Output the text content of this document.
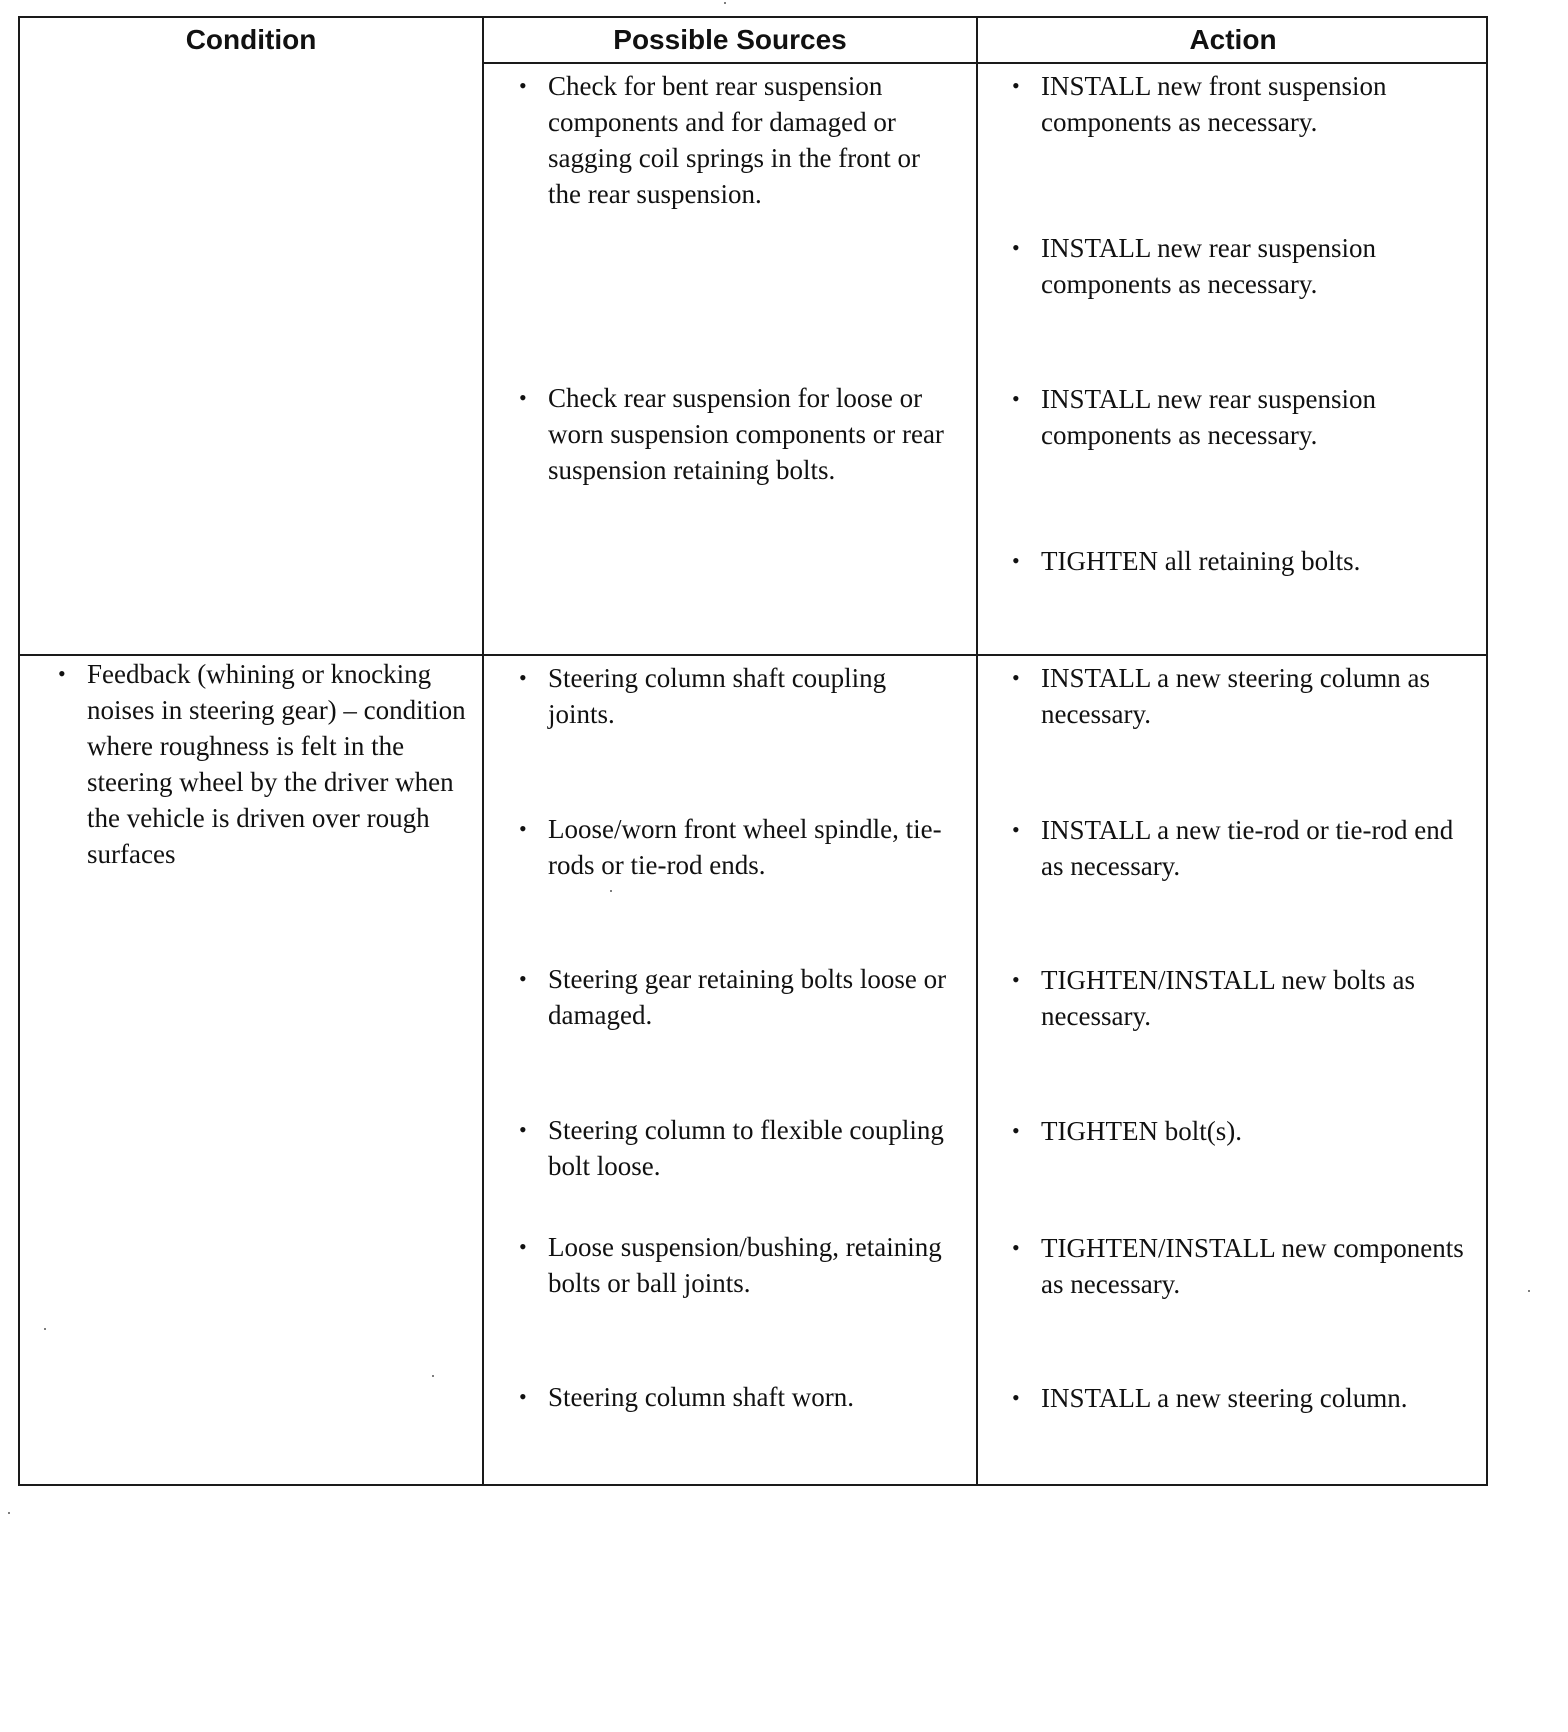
Condition	Possible Sources	Action
• Check for bent rear suspension components and for damaged or sagging coil springs in the front or the rear suspension.
• Check rear suspension for loose or worn suspension components or rear suspension retaining bolts.
• INSTALL new front suspension components as necessary.
• INSTALL new rear suspension components as necessary.
• INSTALL new rear suspension components as necessary.
• TIGHTEN all retaining bolts.
• Feedback (whining or knocking noises in steering gear) – condition where roughness is felt in the steering wheel by the driver when the vehicle is driven over rough surfaces
• Steering column shaft coupling joints.
• Loose/worn front wheel spindle, tie-rods or tie-rod ends.
• Steering gear retaining bolts loose or damaged.
• Steering column to flexible coupling bolt loose.
• Loose suspension/bushing, retaining bolts or ball joints.
• Steering column shaft worn.
• INSTALL a new steering column as necessary.
• INSTALL a new tie-rod or tie-rod end as necessary.
• TIGHTEN/INSTALL new bolts as necessary.
• TIGHTEN bolt(s).
• TIGHTEN/INSTALL new components as necessary.
• INSTALL a new steering column.
